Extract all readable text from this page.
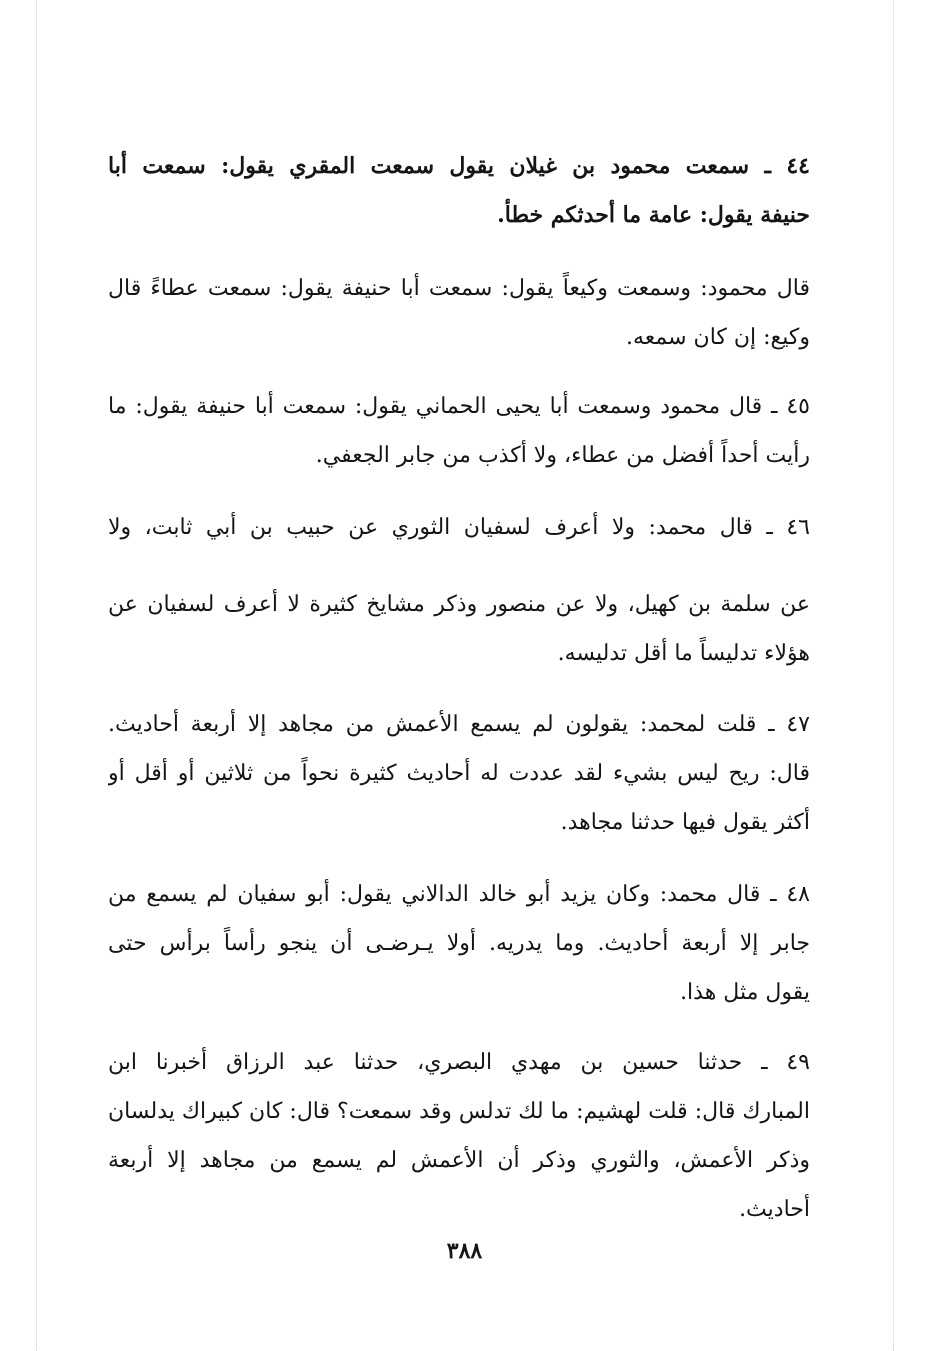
٤٤ ـ سمعت محمود بن غيلان يقول سمعت المقري يقول: سمعت أبا
حنيفة يقول: عامة ما أحدثكم خطأ.
قال محمود: وسمعت وكيعاً يقول: سمعت أبا حنيفة يقول: سمعت عطاءً قال
وكيع: إن كان سمعه.
٤٥ ـ قال محمود وسمعت أبا يحيى الحماني يقول: سمعت أبا حنيفة يقول: ما
رأيت أحداً أفضل من عطاء، ولا أكذب من جابر الجعفي.
٤٦ ـ قال محمد: ولا أعرف لسفيان الثوري عن حبيب بن أبي ثابت، ولا
عن سلمة بن كهيل، ولا عن منصور وذكر مشايخ كثيرة لا أعرف لسفيان عن
هؤلاء تدليساً ما أقل تدليسه.
٤٧ ـ قلت لمحمد: يقولون لم يسمع الأعمش من مجاهد إلا أربعة أحاديث.
قال: ريح ليس بشيء لقد عددت له أحاديث كثيرة نحواً من ثلاثين أو أقل أو
أكثر يقول فيها حدثنا مجاهد.
٤٨ ـ قال محمد: وكان يزيد أبو خالد الدالاني يقول: أبو سفيان لم يسمع من
جابر إلا أربعة أحاديث. وما يدريه. أولا يـرضـى أن ينجو رأساً برأس حتى
يقول مثل هذا.
٤٩ ـ حدثنا حسين بن مهدي البصري، حدثنا عبد الرزاق أخبرنا ابن
المبارك قال: قلت لهشيم: ما لك تدلس وقد سمعت؟ قال: كان كبيراك يدلسان
وذكر الأعمش، والثوري وذكر أن الأعمش لم يسمع من مجاهد إلا أربعة
أحاديث.
٣٨٨
